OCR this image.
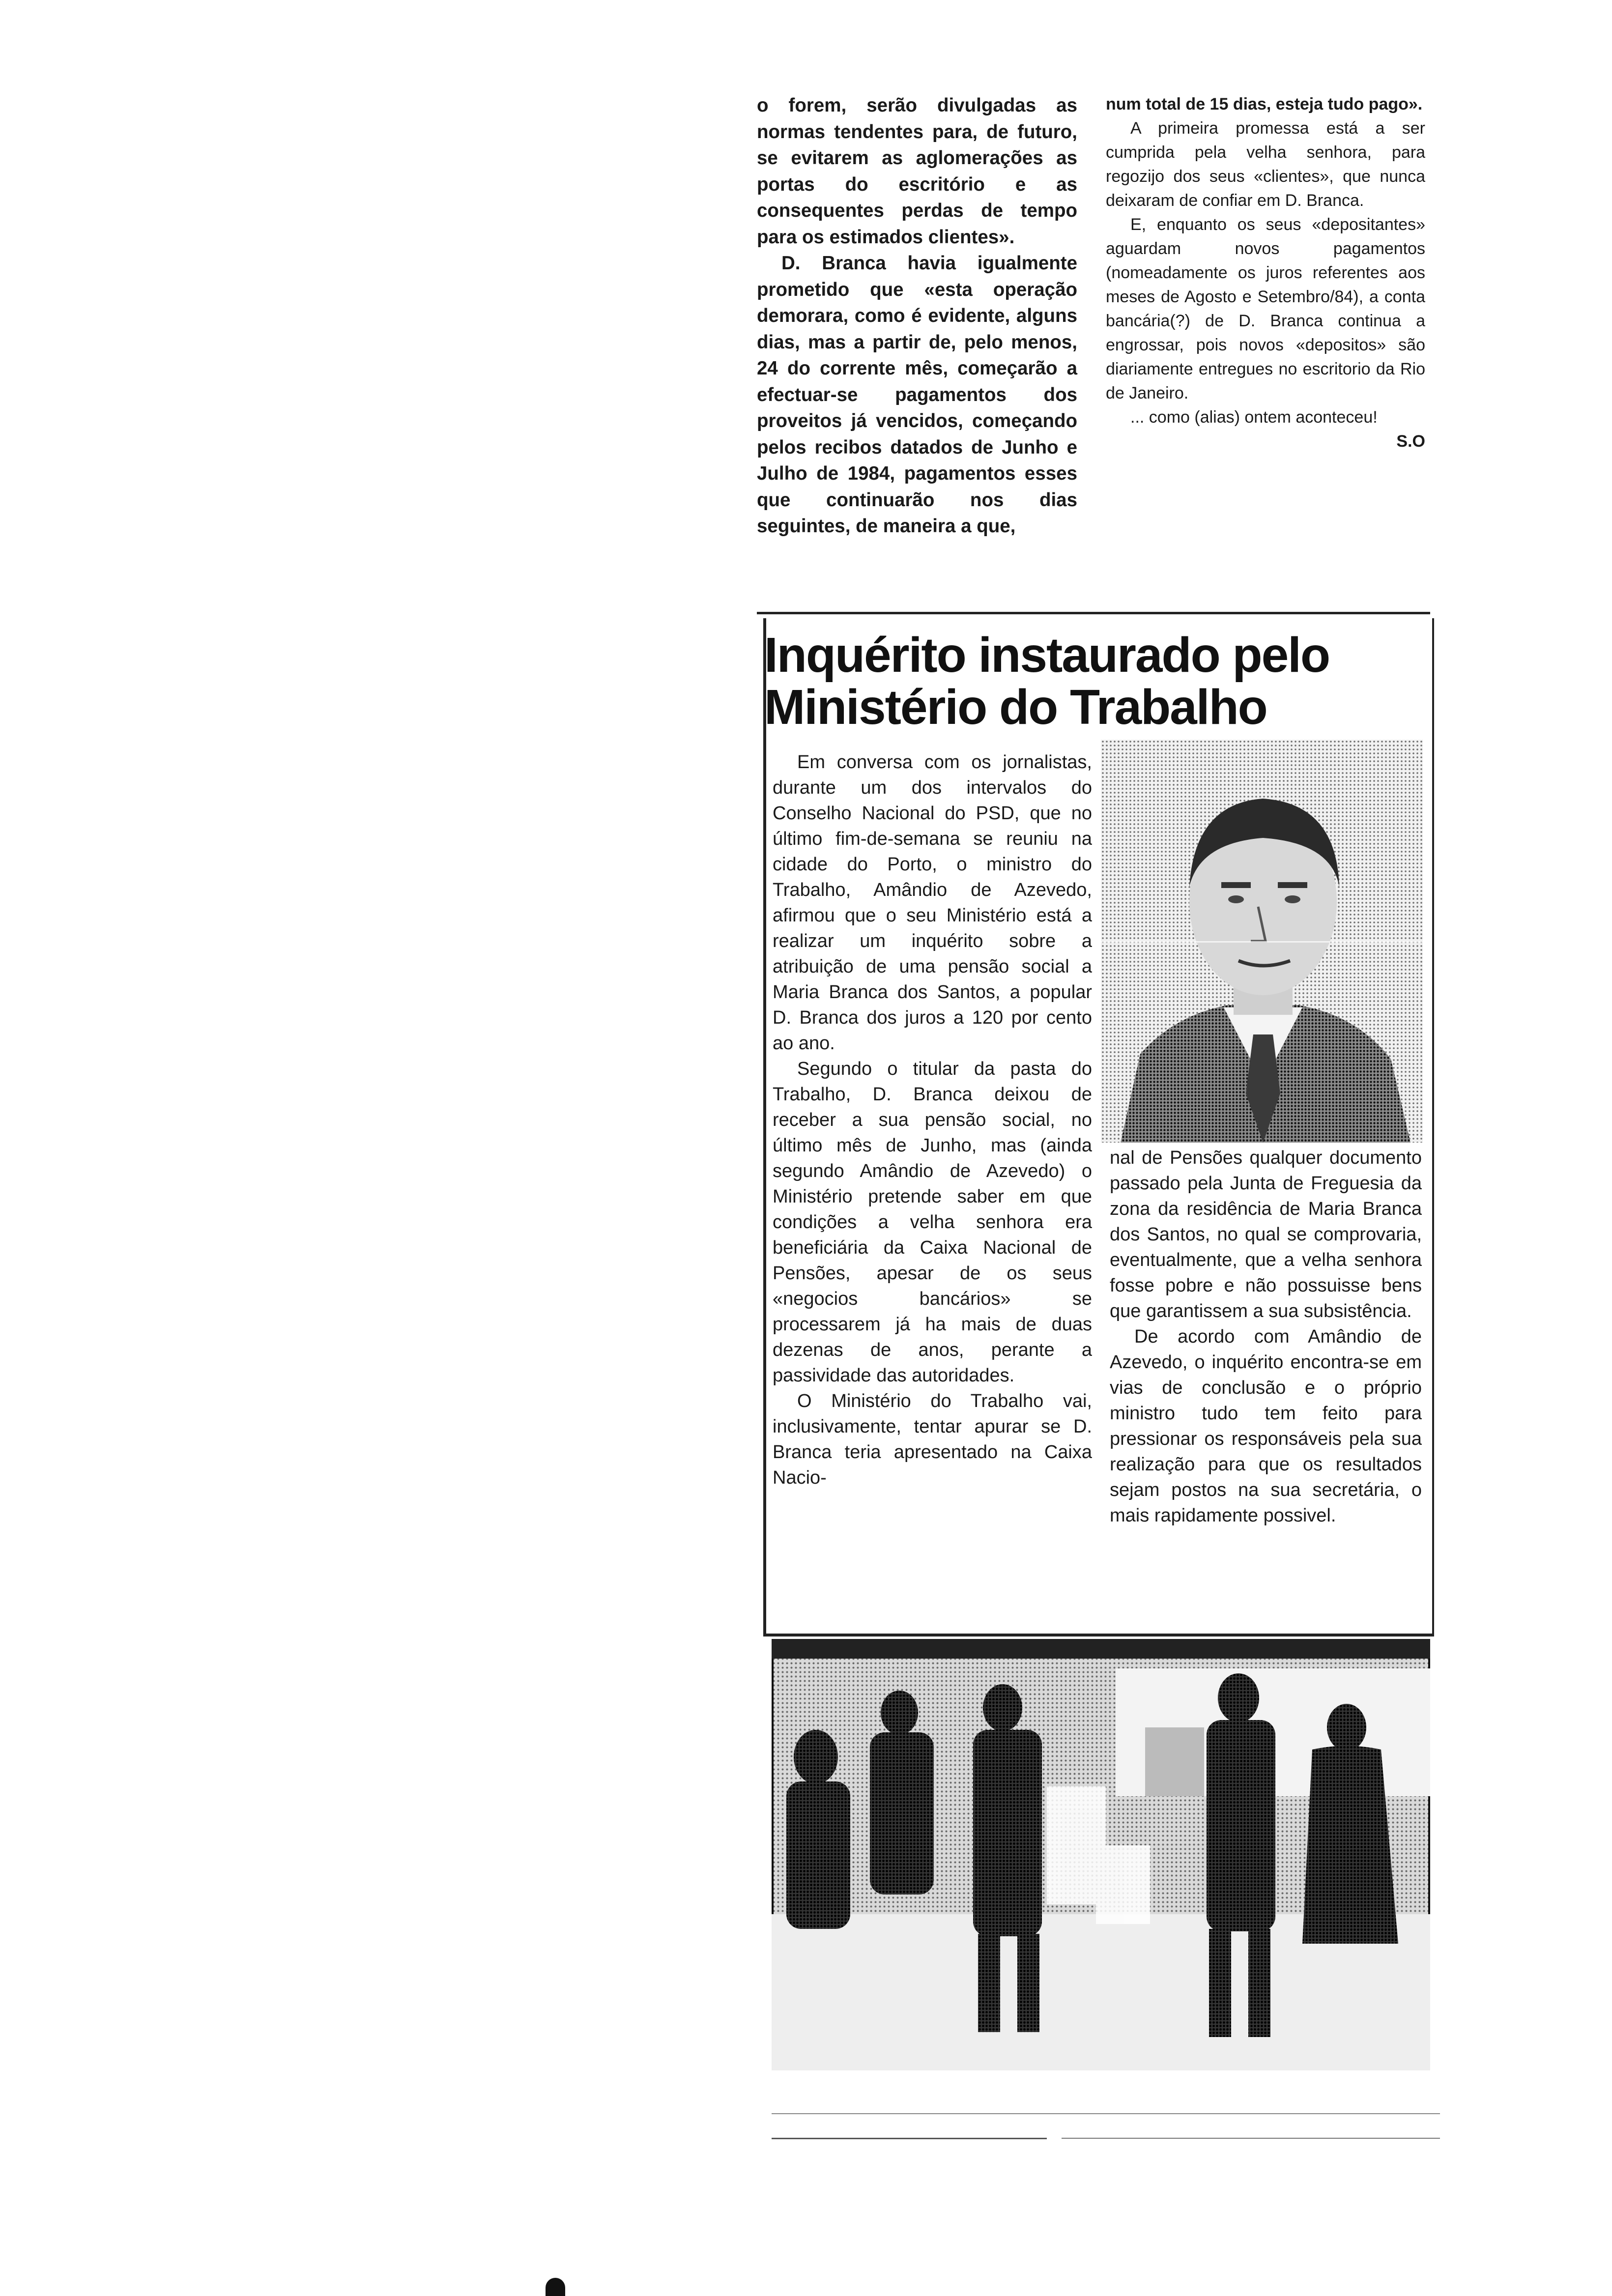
o forem, serão divulgadas as normas tendentes para, de futuro, se evitarem as aglomerações as portas do escritório e as consequentes perdas de tempo para os estimados clientes».

D. Branca havia igualmente prometido que «esta operação demorara, como é evidente, alguns dias, mas a partir de, pelo menos, 24 do corrente mês, começarão a efectuar-se pagamentos dos proveitos já vencidos, começando pelos recibos datados de Junho e Julho de 1984, pagamentos esses que continuarão nos dias seguintes, de maneira a que,

num total de 15 dias, esteja tudo pago».

A primeira promessa está a ser cumprida pela velha senhora, para regozijo dos seus «clientes», que nunca deixaram de confiar em D. Branca.

E, enquanto os seus «depositantes» aguardam novos pagamentos (nomeadamente os juros referentes aos meses de Agosto e Setembro/84), a conta bancária(?) de D. Branca continua a engrossar, pois novos «depositos» são diariamente entregues no escritorio da Rio de Janeiro.

... como (alias) ontem aconteceu!

S.O

Inquérito instaurado pelo Ministério do Trabalho

Em conversa com os jornalistas, durante um dos intervalos do Conselho Nacional do PSD, que no último fim-de-semana se reuniu na cidade do Porto, o ministro do Trabalho, Amândio de Azevedo, afirmou que o seu Ministério está a realizar um inquérito sobre a atribuição de uma pensão social a Maria Branca dos Santos, a popular D. Branca dos juros a 120 por cento ao ano.

Segundo o titular da pasta do Trabalho, D. Branca deixou de receber a sua pensão social, no último mês de Junho, mas (ainda segundo Amândio de Azevedo) o Ministério pretende saber em que condições a velha senhora era beneficiária da Caixa Nacional de Pensões, apesar de os seus «negocios bancários» se processarem já ha mais de duas dezenas de anos, perante a passividade das autoridades.

O Ministério do Trabalho vai, inclusivamente, tentar apurar se D. Branca teria apresentado na Caixa Nacio-

nal de Pensões qualquer documento passado pela Junta de Freguesia da zona da residência de Maria Branca dos Santos, no qual se comprovaria, eventualmente, que a velha senhora fosse pobre e não possuisse bens que garantissem a sua subsistência.

De acordo com Amândio de Azevedo, o inquérito encontra-se em vias de conclusão e o próprio ministro tudo tem feito para pressionar os responsáveis pela sua realização para que os resultados sejam postos na sua secretária, o mais rapidamente possivel.
